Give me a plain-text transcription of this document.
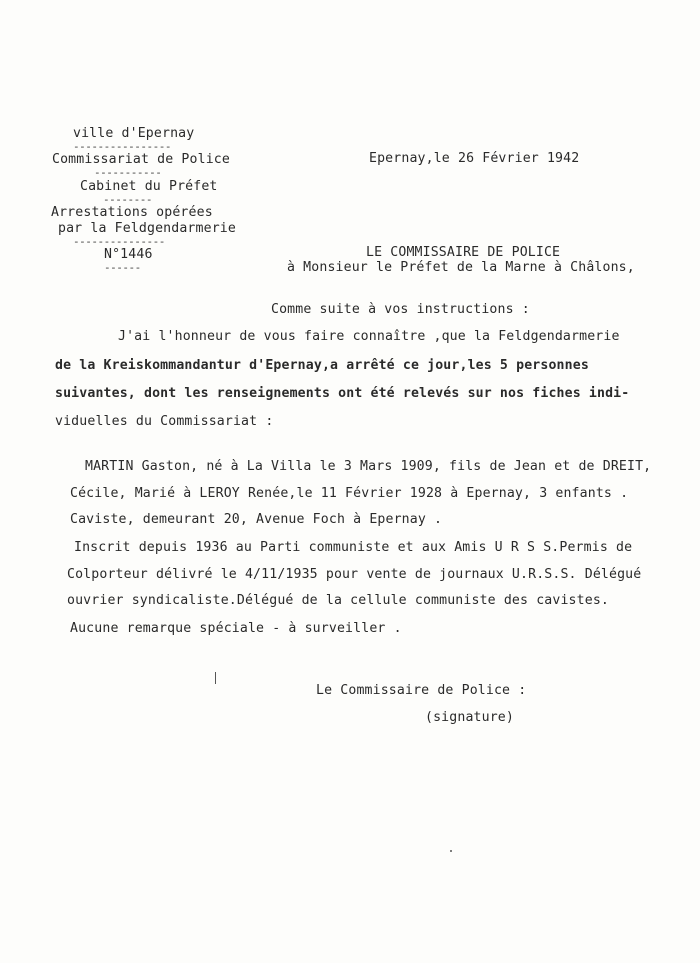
ville d'Epernay
----------------
Commissariat de Police
-----------
Cabinet du Préfet
--------
Arrestations opérées
par la Feldgendarmerie
---------------
N°1446
------
Epernay,le 26 Février 1942
LE COMMISSAIRE DE POLICE
à Monsieur le Préfet de la Marne à Châlons,
Comme suite à vos instructions :
J'ai l'honneur de vous faire connaître ,que la Feldgendarmerie
de la Kreiskommandantur d'Epernay,a arrêté ce jour,les 5 personnes
suivantes, dont les renseignements ont été relevés sur nos fiches indi-
viduelles du Commissariat :
MARTIN Gaston, né à La Villa le 3 Mars 1909, fils de Jean et de DREIT,
Cécile, Marié à LEROY Renée,le 11 Février 1928 à Epernay, 3 enfants .
Caviste, demeurant 20, Avenue Foch à Epernay .
Inscrit depuis 1936 au Parti communiste et aux Amis U R S S.Permis de
Colporteur délivré le 4/11/1935 pour vente de journaux U.R.S.S. Délégué
ouvrier syndicaliste.Délégué de la cellule communiste des cavistes.
Aucune remarque spéciale - à surveiller .
Le Commissaire de Police :
(signature)
